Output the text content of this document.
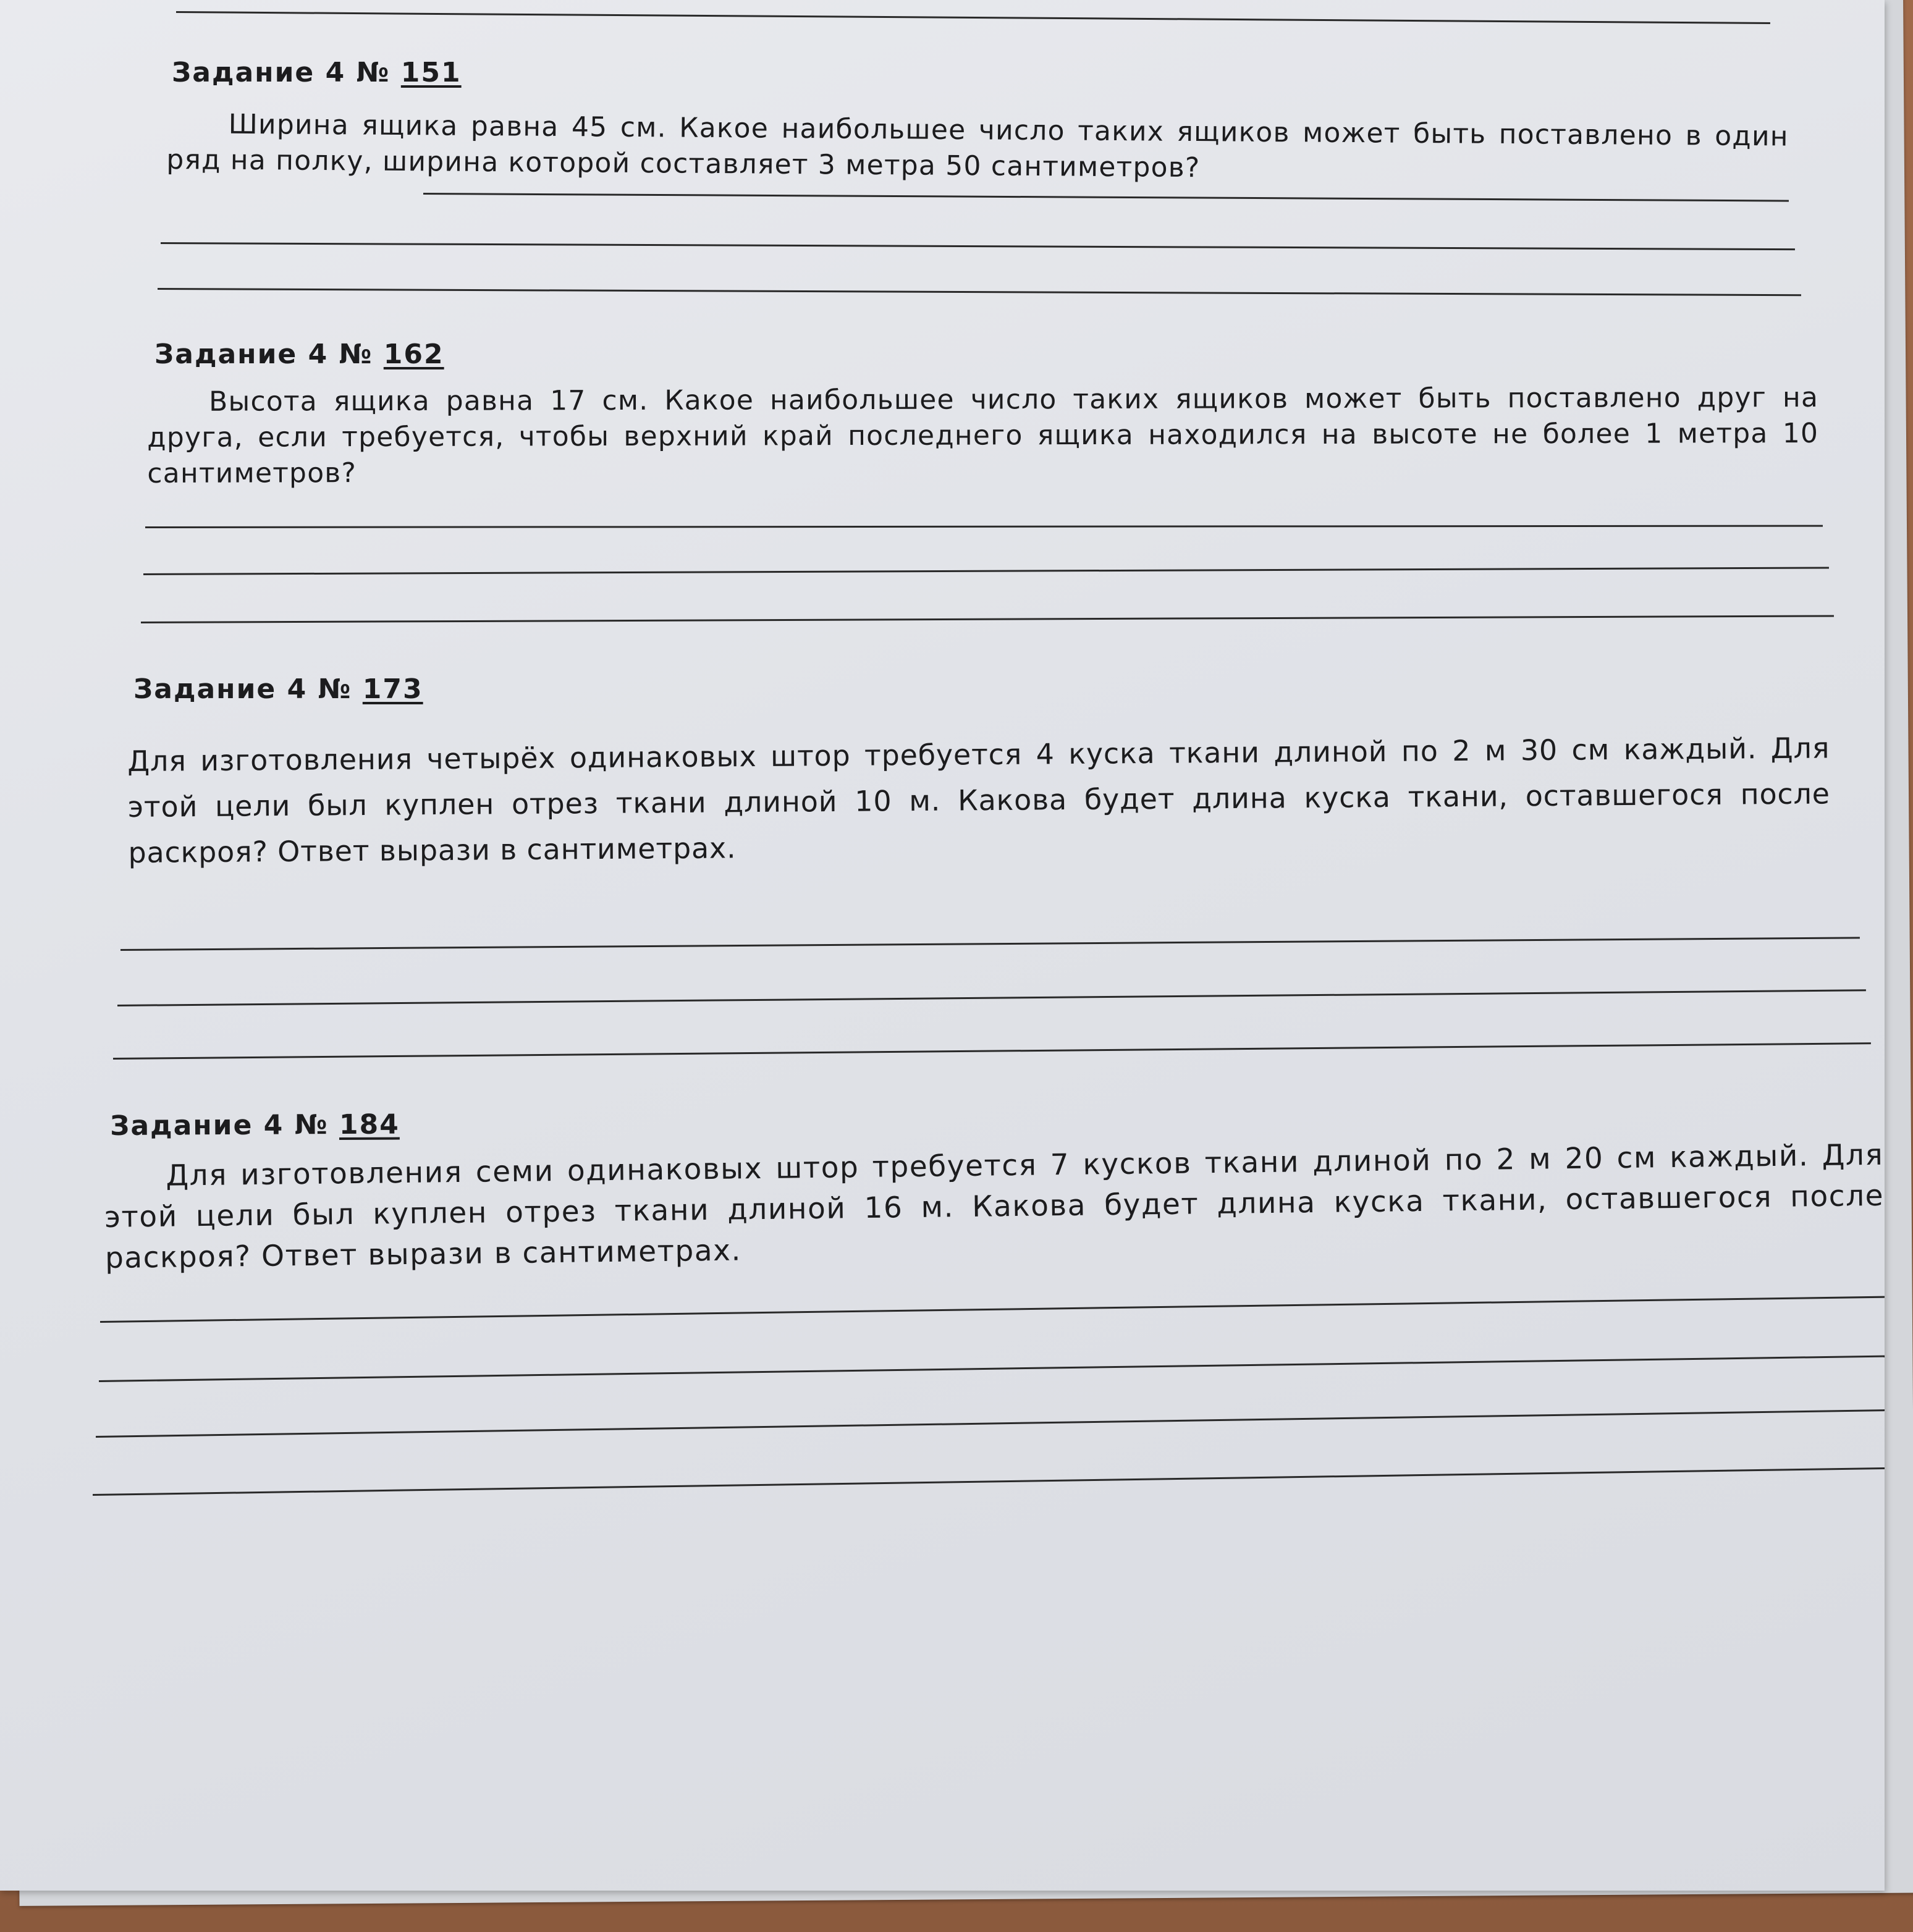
Задание 4 № 151
Ширина ящика равна 45 см. Какое наибольшее число таких ящиков может быть поставлено в один ряд на полку, ширина которой составляет 3 метра 50 сантиметров?
Задание 4 № 162
Высота ящика равна 17 см. Какое наибольшее число таких ящиков может быть поставлено друг на друга, если требуется, чтобы верхний край последнего ящика находился на высоте не более 1 метра 10 сантиметров?
Задание 4 № 173
Для изготовления четырёх одинаковых штор требуется 4 куска ткани длиной по 2 м 30 см каждый. Для этой цели был куплен отрез ткани длиной 10 м. Какова будет длина куска ткани, оставшегося после раскроя? Ответ вырази в сантиметрах.
Задание 4 № 184
Для изготовления семи одинаковых штор требуется 7 кусков ткани длиной по 2 м 20 см каждый. Для этой цели был куплен отрез ткани длиной 16 м. Какова будет длина куска ткани, оставшегося после раскроя? Ответ вырази в сантиметрах.
